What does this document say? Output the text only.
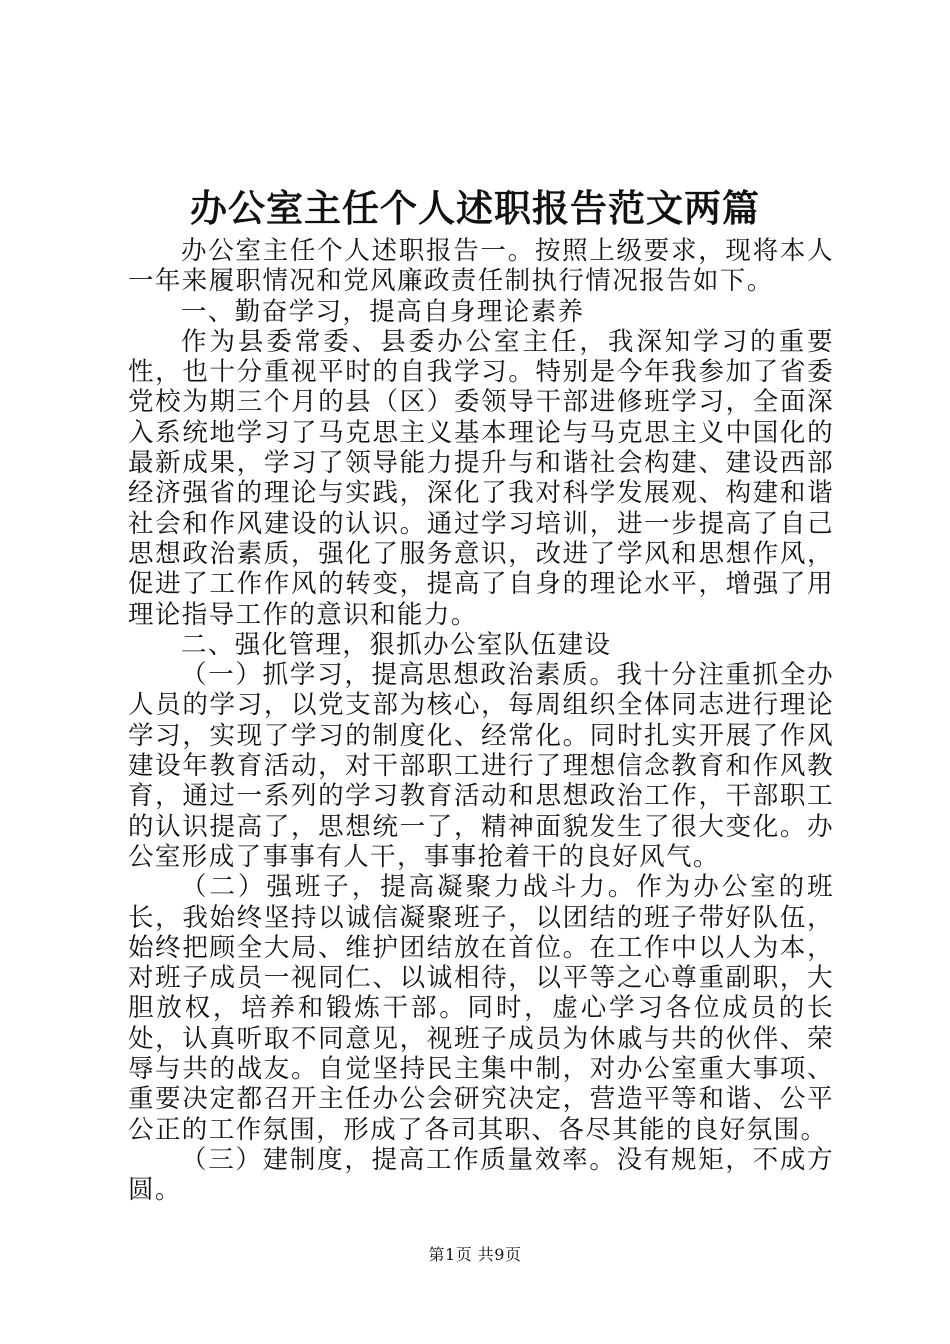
办公室主任个人述职报告范文两篇

办公室主任个人述职报告一。按照上级要求，现将本人一年来履职情况和党风廉政责任制执行情况报告如下。

一、勤奋学习，提高自身理论素养

作为县委常委、县委办公室主任，我深知学习的重要性，也十分重视平时的自我学习。特别是今年我参加了省委党校为期三个月的县（区）委领导干部进修班学习，全面深入系统地学习了马克思主义基本理论与马克思主义中国化的最新成果，学习了领导能力提升与和谐社会构建、建设西部经济强省的理论与实践，深化了我对科学发展观、构建和谐社会和作风建设的认识。通过学习培训，进一步提高了自己思想政治素质，强化了服务意识，改进了学风和思想作风，促进了工作作风的转变，提高了自身的理论水平，增强了用理论指导工作的意识和能力。

二、强化管理，狠抓办公室队伍建设

（一）抓学习，提高思想政治素质。我十分注重抓全办人员的学习，以党支部为核心，每周组织全体同志进行理论学习，实现了学习的制度化、经常化。同时扎实开展了作风建设年教育活动，对干部职工进行了理想信念教育和作风教育，通过一系列的学习教育活动和思想政治工作，干部职工的认识提高了，思想统一了，精神面貌发生了很大变化。办公室形成了事事有人干，事事抢着干的良好风气。

（二）强班子，提高凝聚力战斗力。作为办公室的班长，我始终坚持以诚信凝聚班子，以团结的班子带好队伍，始终把顾全大局、维护团结放在首位。在工作中以人为本，对班子成员一视同仁、以诚相待，以平等之心尊重副职，大胆放权，培养和锻炼干部。同时，虚心学习各位成员的长处，认真听取不同意见，视班子成员为休戚与共的伙伴、荣辱与共的战友。自觉坚持民主集中制，对办公室重大事项、重要决定都召开主任办公会研究决定，营造平等和谐、公平公正的工作氛围，形成了各司其职、各尽其能的良好氛围。

（三）建制度，提高工作质量效率。没有规矩，不成方圆。

第1页 共9页
